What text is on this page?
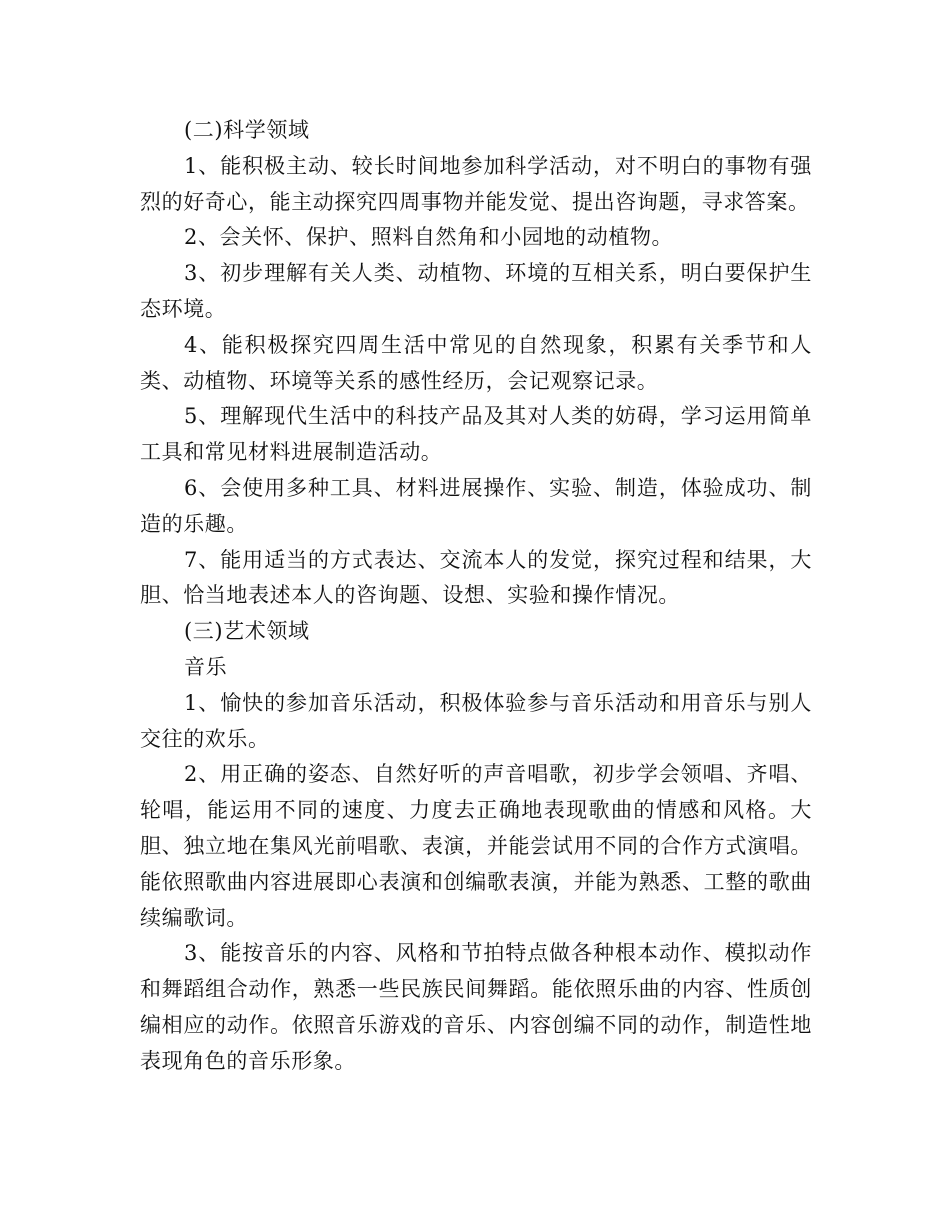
(二)科学领域

1、能积极主动、较长时间地参加科学活动，对不明白的事物有强烈的好奇心，能主动探究四周事物并能发觉、提出咨询题，寻求答案。

2、会关怀、保护、照料自然角和小园地的动植物。

3、初步理解有关人类、动植物、环境的互相关系，明白要保护生态环境。

4、能积极探究四周生活中常见的自然现象，积累有关季节和人类、动植物、环境等关系的感性经历，会记观察记录。

5、理解现代生活中的科技产品及其对人类的妨碍，学习运用简单工具和常见材料进展制造活动。

6、会使用多种工具、材料进展操作、实验、制造，体验成功、制造的乐趣。

7、能用适当的方式表达、交流本人的发觉，探究过程和结果，大胆、恰当地表述本人的咨询题、设想、实验和操作情况。

(三)艺术领域

音乐

1、愉快的参加音乐活动，积极体验参与音乐活动和用音乐与别人交往的欢乐。

2、用正确的姿态、自然好听的声音唱歌，初步学会领唱、齐唱、轮唱，能运用不同的速度、力度去正确地表现歌曲的情感和风格。大胆、独立地在集风光前唱歌、表演，并能尝试用不同的合作方式演唱。能依照歌曲内容进展即心表演和创编歌表演，并能为熟悉、工整的歌曲续编歌词。

3、能按音乐的内容、风格和节拍特点做各种根本动作、模拟动作和舞蹈组合动作，熟悉一些民族民间舞蹈。能依照乐曲的内容、性质创编相应的动作。依照音乐游戏的音乐、内容创编不同的动作，制造性地表现角色的音乐形象。
